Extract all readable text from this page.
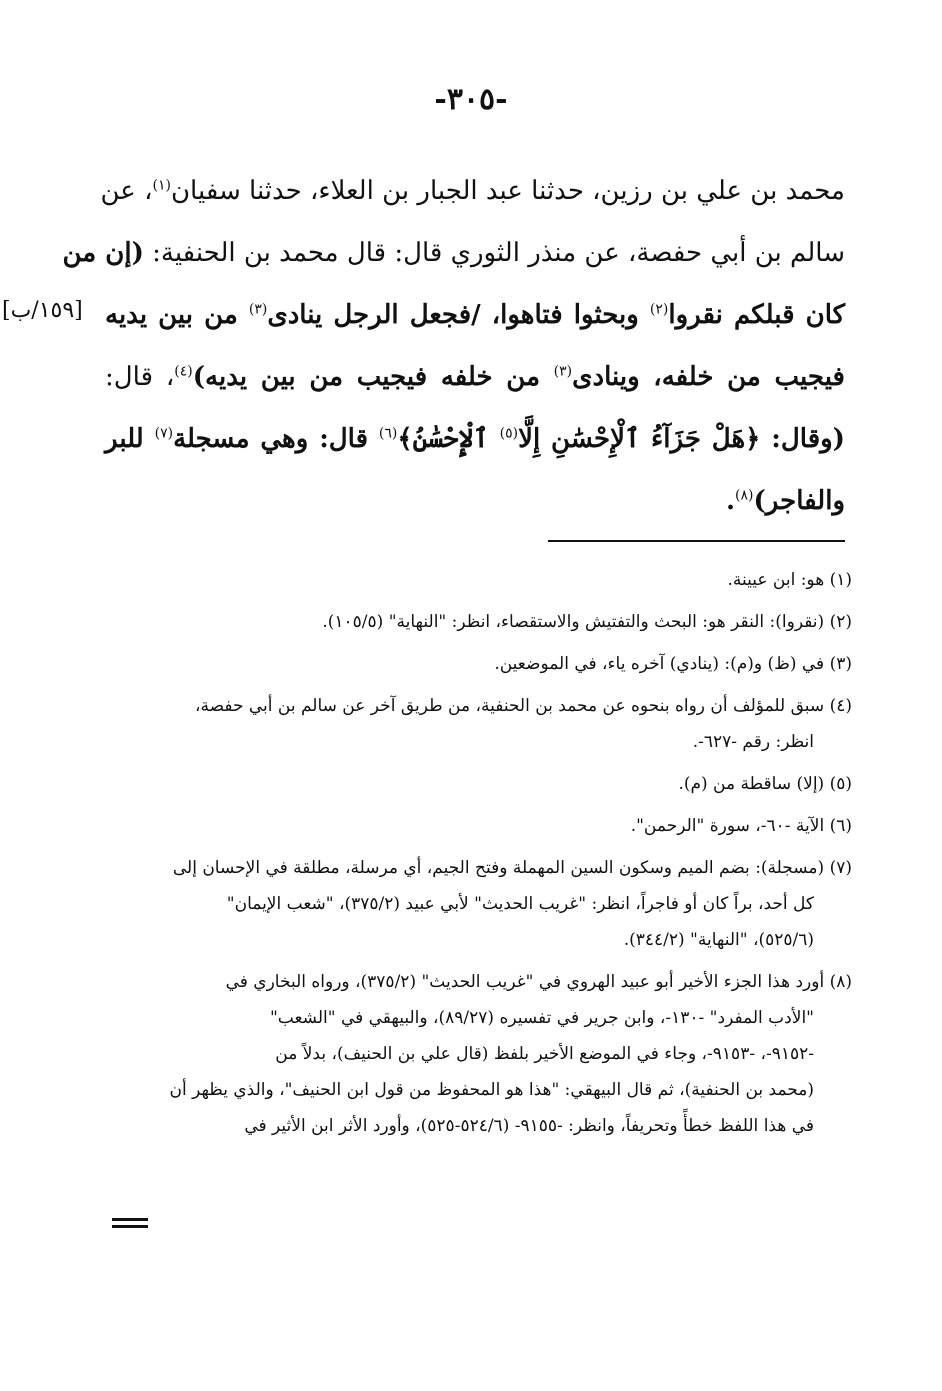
-٣٠٥-
[١٥٩/ب]
محمد بن علي بن رزين، حدثنا عبد الجبار بن العلاء، حدثنا سفيان$^{(١)}$، عن
سالم بن أبي حفصة، عن منذر الثوري قال: قال محمد بن الحنفية: (إن من
كان قبلكم نقروا$^{(٢)}$ وبحثوا فتاهوا، /فجعل الرجل ينادى$^{(٣)}$ من بين يديه
فيجيب من خلفه، وينادى$^{(٣)}$ من خلفه فيجيب من بين يديه)$^{(٤)}$، قال:
(وقال: ﴿هَلْ جَزَآءُ ٱلْإِحْسَٰنِ إِلَّا$^{(٥)}$ ٱلْإِحْسَٰنُ﴾$^{(٦)}$ قال: وهي مسجلة$^{(٧)}$ للبر
والفاجر)$^{(٨)}$.
(١) هو: ابن عيينة.
(٢) (نقروا): النقر هو: البحث والتفتيش والاستقصاء، انظر: "النهاية" (١٠٥/٥).
(٣) في (ظ) و(م): (ينادي) آخره ياء، في الموضعين.
(٤) سبق للمؤلف أن رواه بنحوه عن محمد بن الحنفية، من طريق آخر عن سالم بن أبي حفصة،
انظر: رقم -٦٢٧-.
(٥) (إلا) ساقطة من (م).
(٦) الآية -٦٠-، سورة "الرحمن".
(٧) (مسجلة): بضم الميم وسكون السين المهملة وفتح الجيم، أي مرسلة، مطلقة في الإحسان إلى
كل أحد، براً كان أو فاجراً، انظر: "غريب الحديث" لأبي عبيد (٣٧٥/٢)، "شعب الإيمان"
(٥٢٥/٦)، "النهاية" (٣٤٤/٢).
(٨) أورد هذا الجزء الأخير أبو عبيد الهروي في "غريب الحديث" (٣٧٥/٢)، ورواه البخاري في
"الأدب المفرد" -١٣٠-، وابن جرير في تفسيره (٨٩/٢٧)، والبيهقي في "الشعب"
-٩١٥٢-، -٩١٥٣-، وجاء في الموضع الأخير بلفظ (قال علي بن الحنيف)، بدلاً من
(محمد بن الحنفية)، ثم قال البيهقي: "هذا هو المحفوظ من قول ابن الحنيف"، والذي يظهر أن
في هذا اللفظ خطأً وتحريفاً، وانظر: -٩١٥٥- (٥٢٤/٦-٥٢٥)، وأورد الأثر ابن الأثير في
